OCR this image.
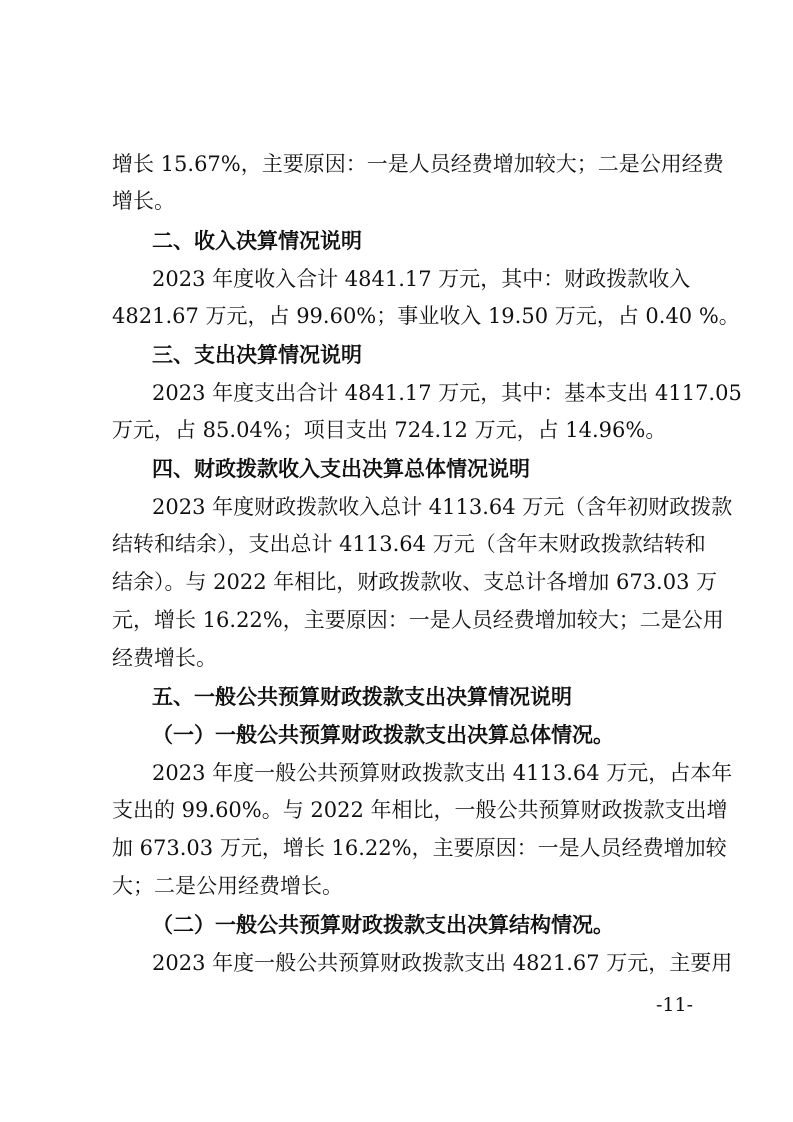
增长 15.67%，主要原因：一是人员经费增加较大；二是公用经费
增长。
二、收入决算情况说明
2023 年度收入合计 4841.17 万元，其中：财政拨款收入
4821.67 万元，占 99.60%；事业收入 19.50 万元，占 0.40 %。
三、支出决算情况说明
2023 年度支出合计 4841.17 万元，其中：基本支出 4117.05
万元，占 85.04%；项目支出 724.12 万元，占 14.96%。
四、财政拨款收入支出决算总体情况说明
2023 年度财政拨款收入总计 4113.64 万元（含年初财政拨款
结转和结余），支出总计 4113.64 万元（含年末财政拨款结转和
结余）。与 2022 年相比，财政拨款收、支总计各增加 673.03 万
元，增长 16.22%，主要原因：一是人员经费增加较大；二是公用
经费增长。
五、一般公共预算财政拨款支出决算情况说明
（一）一般公共预算财政拨款支出决算总体情况。
2023 年度一般公共预算财政拨款支出 4113.64 万元，占本年
支出的 99.60%。与 2022 年相比，一般公共预算财政拨款支出增
加 673.03 万元，增长 16.22%，主要原因：一是人员经费增加较
大；二是公用经费增长。
（二）一般公共预算财政拨款支出决算结构情况。
2023 年度一般公共预算财政拨款支出 4821.67 万元，主要用
-11-
